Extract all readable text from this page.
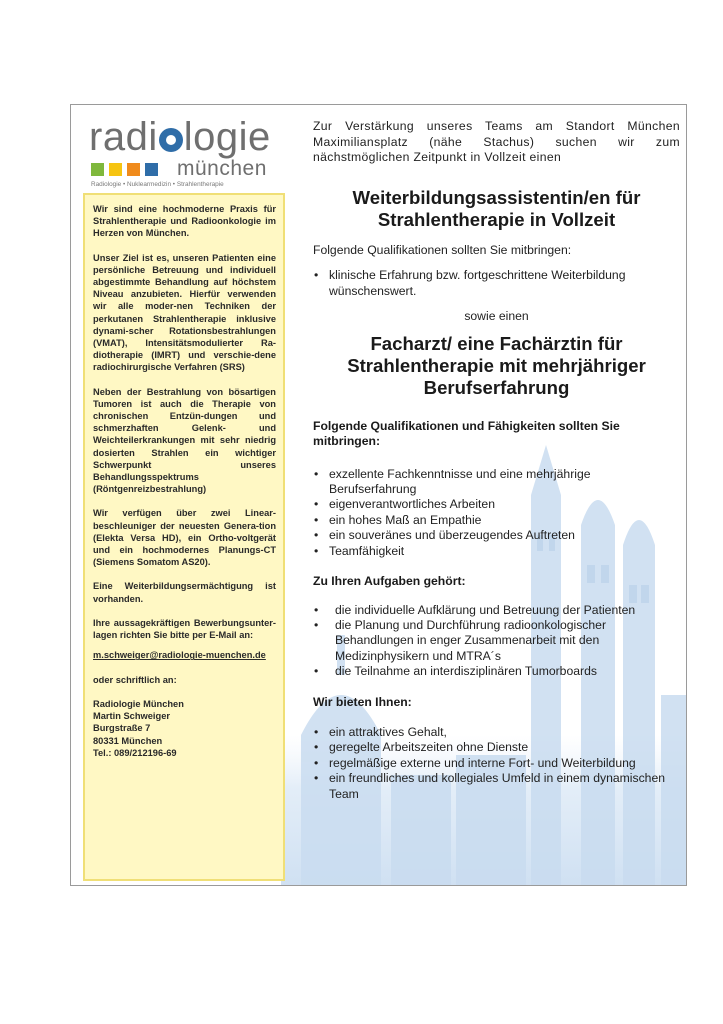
radi logie
münchen
Radiologie • Nuklearmedizin • Strahlentherapie

Wir sind eine hochmoderne Praxis für Strahlentherapie und Radioonkologie im Herzen von München.

Unser Ziel ist es, unseren Patienten eine persönliche Betreuung und individuell abgestimmte Behandlung auf höchstem Niveau anzubieten. Hierfür verwenden wir alle moder-nen Techniken der perkutanen Strahlentherapie inklusive dynami-scher Rotationsbestrahlungen (VMAT), Intensitätsmodulierter Ra-diotherapie (IMRT) und verschie-dene radiochirurgische Verfahren (SRS)

Neben der Bestrahlung von bösartigen Tumoren ist auch die Therapie von chronischen Entzün-dungen und schmerzhaften Gelenk- und Weichteilerkrankungen mit sehr niedrig dosierten Strahlen ein wichtiger Schwerpunkt unseres Behandlungsspektrums (Röntgenreizbestrahlung)

Wir verfügen über zwei Linear-beschleuniger der neuesten Genera-tion (Elekta Versa HD), ein Ortho-voltgerät und ein hochmodernes Planungs-CT (Siemens Somatom AS20).

Eine Weiterbildungsermächtigung ist vorhanden.

Ihre aussagekräftigen Bewerbungsunter-lagen richten Sie bitte per E-Mail an:

m.schweiger@radiologie-muenchen.de

oder schriftlich an:

Radiologie München

Martin Schweiger

Burgstraße 7

80331 München

Tel.: 089/212196-69

Zur Verstärkung unseres Teams am Standort München Maximiliansplatz (nähe Stachus) suchen wir zum nächstmöglichen Zeitpunkt in Vollzeit einen

Weiterbildungsassistentin/en für Strahlentherapie in Vollzeit

Folgende Qualifikationen sollten Sie mitbringen:

• klinische Erfahrung bzw. fortgeschrittene Weiterbildung wünschenswert.

sowie einen

Facharzt/ eine Fachärztin für Strahlentherapie mit mehrjähriger Berufserfahrung

Folgende Qualifikationen und Fähigkeiten sollten Sie mitbringen:

• exzellente Fachkenntnisse und eine mehrjährige Berufserfahrung
• eigenverantwortliches Arbeiten
• ein hohes Maß an Empathie
• ein souveränes und überzeugendes Auftreten
• Teamfähigkeit

Zu Ihren Aufgaben gehört:

• die individuelle Aufklärung und Betreuung der Patienten
• die Planung und Durchführung radioonkologischer Behandlungen in enger Zusammenarbeit mit den Medizinphysikern und MTRA´s
• die Teilnahme an interdisziplinären Tumorboards

Wir bieten Ihnen:

• ein attraktives Gehalt,
• geregelte Arbeitszeiten ohne Dienste
• regelmäßige externe und interne Fort- und Weiterbildung
• ein freundliches und kollegiales Umfeld in einem dynamischen Team
